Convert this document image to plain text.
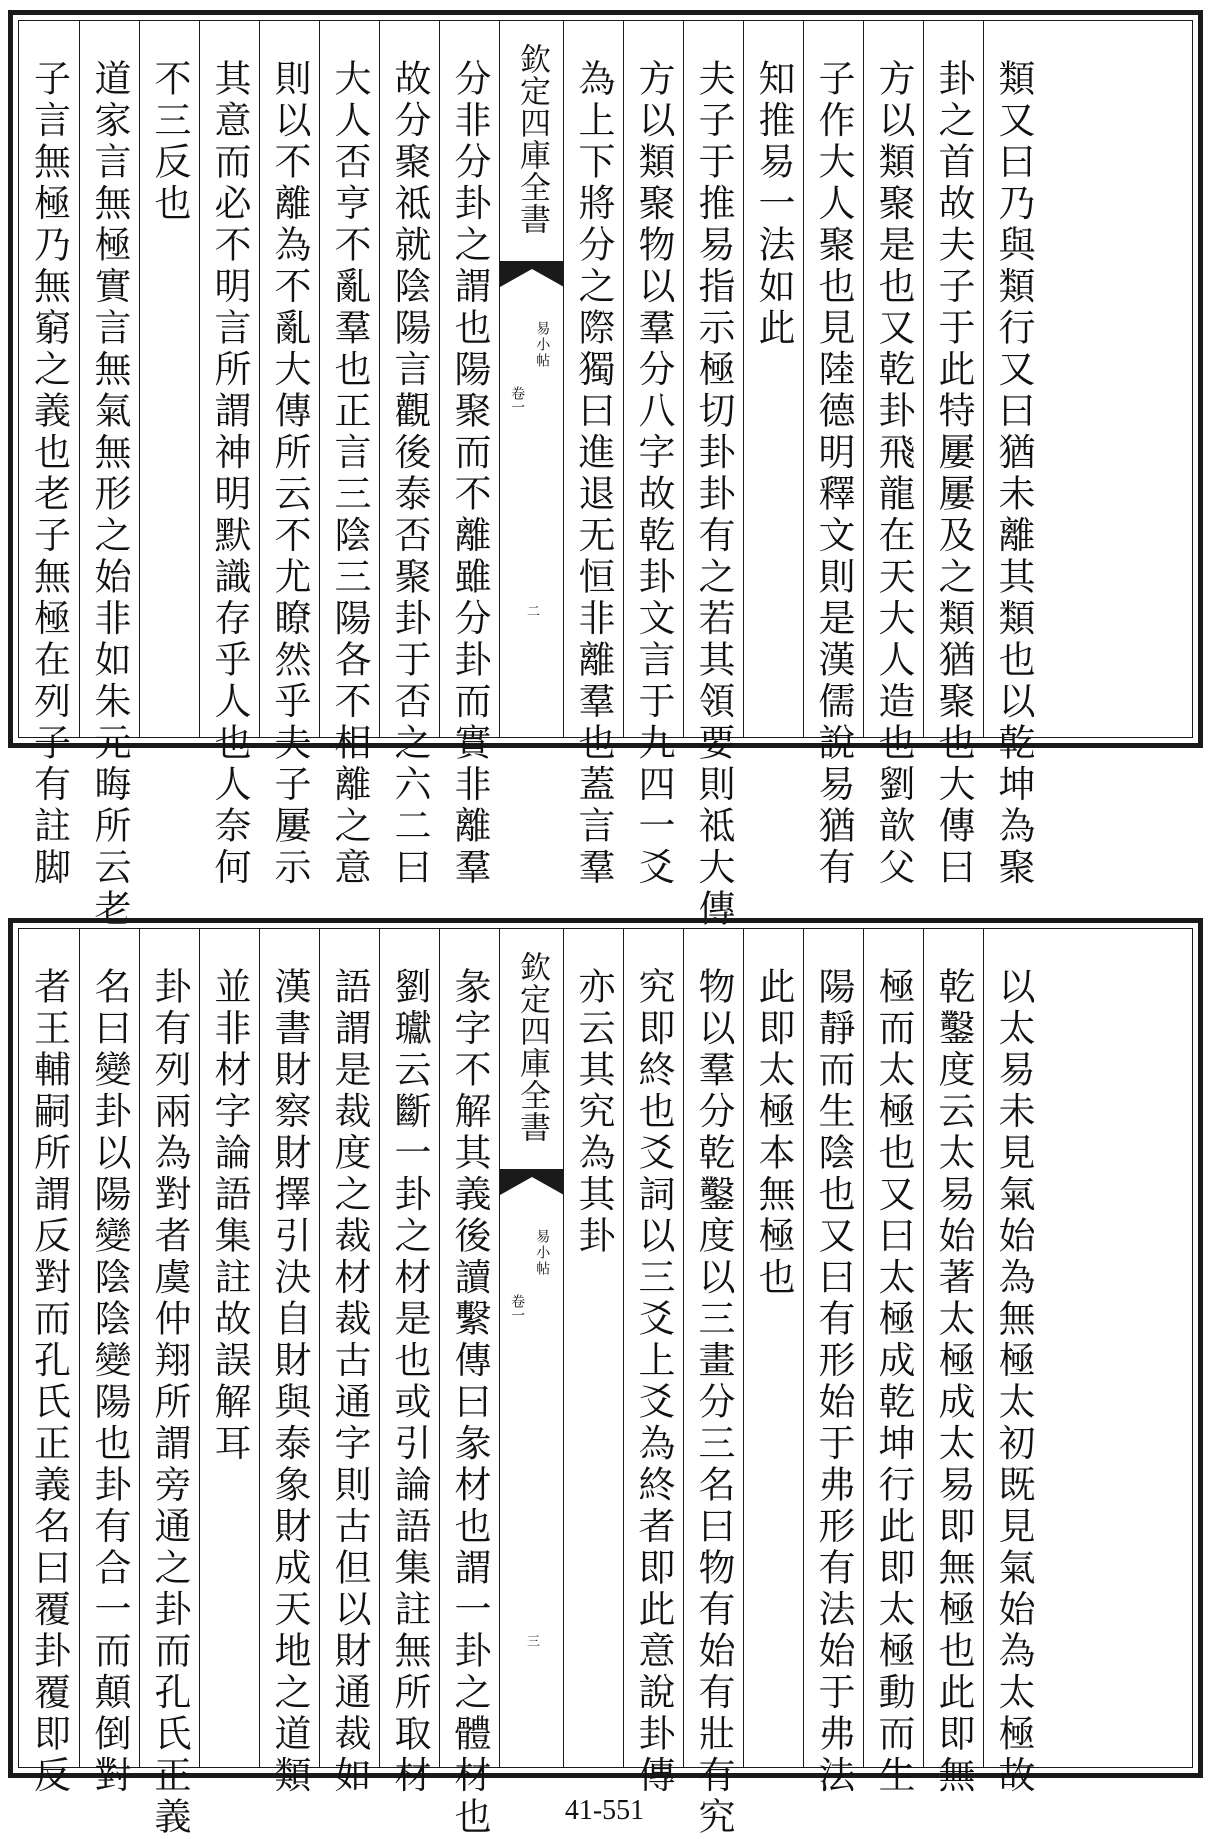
子言無極乃無窮之義也老子無極在列子有註脚 道家言無極實言無氣無形之始非如朱元晦所云老 不三反也 其意而必不明言所謂神明默識存乎人也人奈何 則以不離為不亂大傳所云不尤瞭然乎夫子屢示 大人否亨不亂羣也正言三陰三陽各不相離之意 故分聚祗就陰陽言觀後泰否聚卦于否之六二曰 分非分卦之謂也陽聚而不離雖分卦而實非離羣 欽定四庫全書
易小帖
卷一
二 為上下將分之際獨曰進退无恒非離羣也蓋言羣 方以類聚物以羣分八字故乾卦文言于九四一爻 夫子于推易指示極切卦卦有之若其領要則祗大傳 知推易一法如此 子作大人聚也見陸德明釋文則是漢儒說易猶有 方以類聚是也又乾卦飛龍在天大人造也劉歆父 卦之首故夫子于此特屢屢及之類猶聚也大傳曰 類又曰乃與類行又曰猶未離其類也以乾坤為聚
者王輔嗣所謂反對而孔氏正義名曰覆卦覆即反 名曰變卦以陽變陰陰變陽也卦有合一而顛倒對 卦有列兩為對者虞仲翔所謂旁通之卦而孔氏正義 並非材字論語集註故誤解耳 漢書財察財擇引決自財與泰象財成天地之道類 語謂是裁度之裁材裁古通字則古但以財通裁如 劉瓛云斷一卦之材是也或引論語集註無所取材 彖字不解其義後讀繫傳曰彖材也謂一卦之體材也 欽定四庫全書
易小帖
卷一
三
亦云其究為其卦 究即終也爻詞以三爻上爻為終者即此意說卦傳 物以羣分乾鑿度以三畫分三名曰物有始有壯有究 此即太極本無極也 陽靜而生陰也又曰有形始于弗形有法始于弗法 極而太極也又曰太極成乾坤行此即太極動而生 乾鑿度云太易始著太極成太易即無極也此即無 以太易未見氣始為無極太初既見氣始為太極故
41-551
